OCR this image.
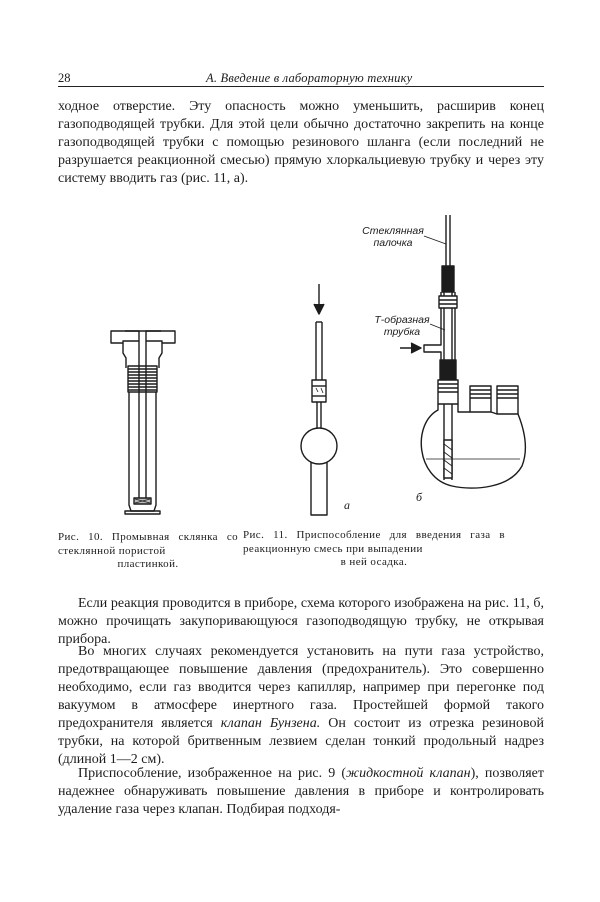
28	А. Введение в лабораторную технику

ходное отверстие. Эту опасность можно уменьшить, расширив конец газоподводящей трубки. Для этой цели обычно достаточно закрепить на конце газоподводящей трубки с помощью резинового шланга (если последний не разрушается реакционной смесью) прямую хлоркальциевую трубку и через эту систему вводить газ (рис. 11, а).

Стеклянная
палочка
Т-образная
трубка
а
б
Рис. 10. Промывная склянка со стеклянной пористой
пластинкой.
Рис. 11. Приспособление для введения газа в реакционную смесь при выпадении
в ней осадка.

Если реакция проводится в приборе, схема которого изображена на рис. 11, б, можно прочищать закупоривающуюся газоподводящую трубку, не открывая прибора.

Во многих случаях рекомендуется установить на пути газа устройство, предотвращающее повышение давления (предохранитель). Это совершенно необходимо, если газ вводится через капилляр, например при перегонке под вакуумом в атмосфере инертного газа. Простейшей формой такого предохранителя является клапан Бунзена. Он состоит из отрезка резиновой трубки, на которой бритвенным лезвием сделан тонкий продольный надрез (длиной 1—2 см).

Приспособление, изображенное на рис. 9 (жидкостной клапан), позволяет надежнее обнаруживать повышение давления в приборе и контролировать удаление газа через клапан. Подбирая подходя-
